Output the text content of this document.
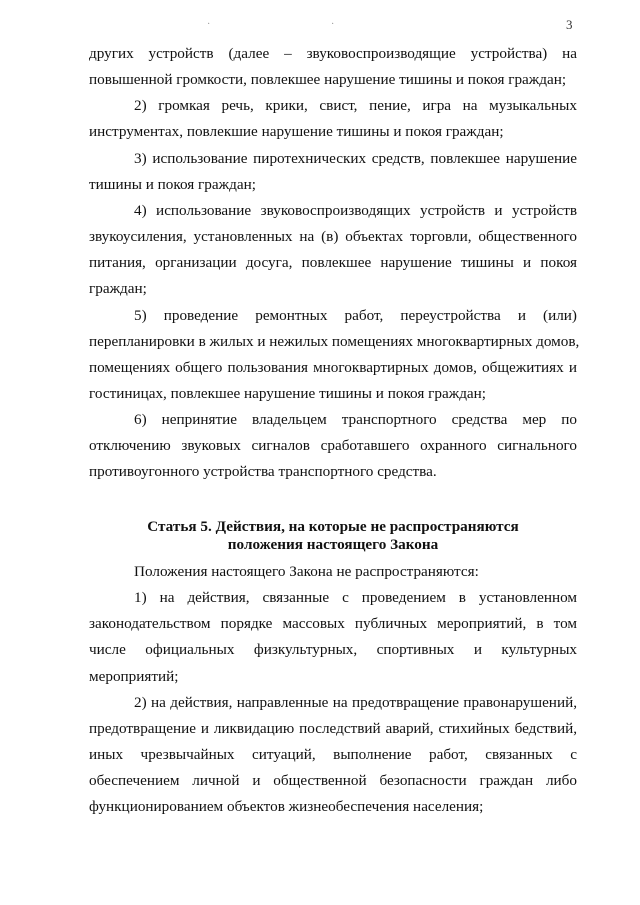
3
·	·
других устройств (далее – звуковоспроизводящие устройства) на
повышенной громкости, повлекшее нарушение тишины и покоя граждан;
2) громкая речь, крики, свист, пение, игра на музыкальных
инструментах, повлекшие нарушение тишины и покоя граждан;
3) использование пиротехнических средств, повлекшее нарушение
тишины и покоя граждан;
4) использование звуковоспроизводящих устройств и устройств
звукоусиления, установленных на (в) объектах торговли, общественного
питания, организации досуга, повлекшее нарушение тишины и покоя
граждан;
5) проведение ремонтных работ, переустройства и (или)
перепланировки в жилых и нежилых помещениях многоквартирных домов,
помещениях общего пользования многоквартирных домов, общежитиях и
гостиницах, повлекшее нарушение тишины и покоя граждан;
6) непринятие владельцем транспортного средства мер по
отключению звуковых сигналов сработавшего охранного сигнального
противоугонного устройства транспортного средства.
Статья 5. Действия, на которые не распространяются
положения настоящего Закона
Положения настоящего Закона не распространяются:
1) на действия, связанные с проведением в установленном
законодательством порядке массовых публичных мероприятий, в том
числе официальных физкультурных, спортивных и культурных
мероприятий;
2) на действия, направленные на предотвращение правонарушений,
предотвращение и ликвидацию последствий аварий, стихийных бедствий,
иных чрезвычайных ситуаций, выполнение работ, связанных с
обеспечением личной и общественной безопасности граждан либо
функционированием объектов жизнеобеспечения населения;
